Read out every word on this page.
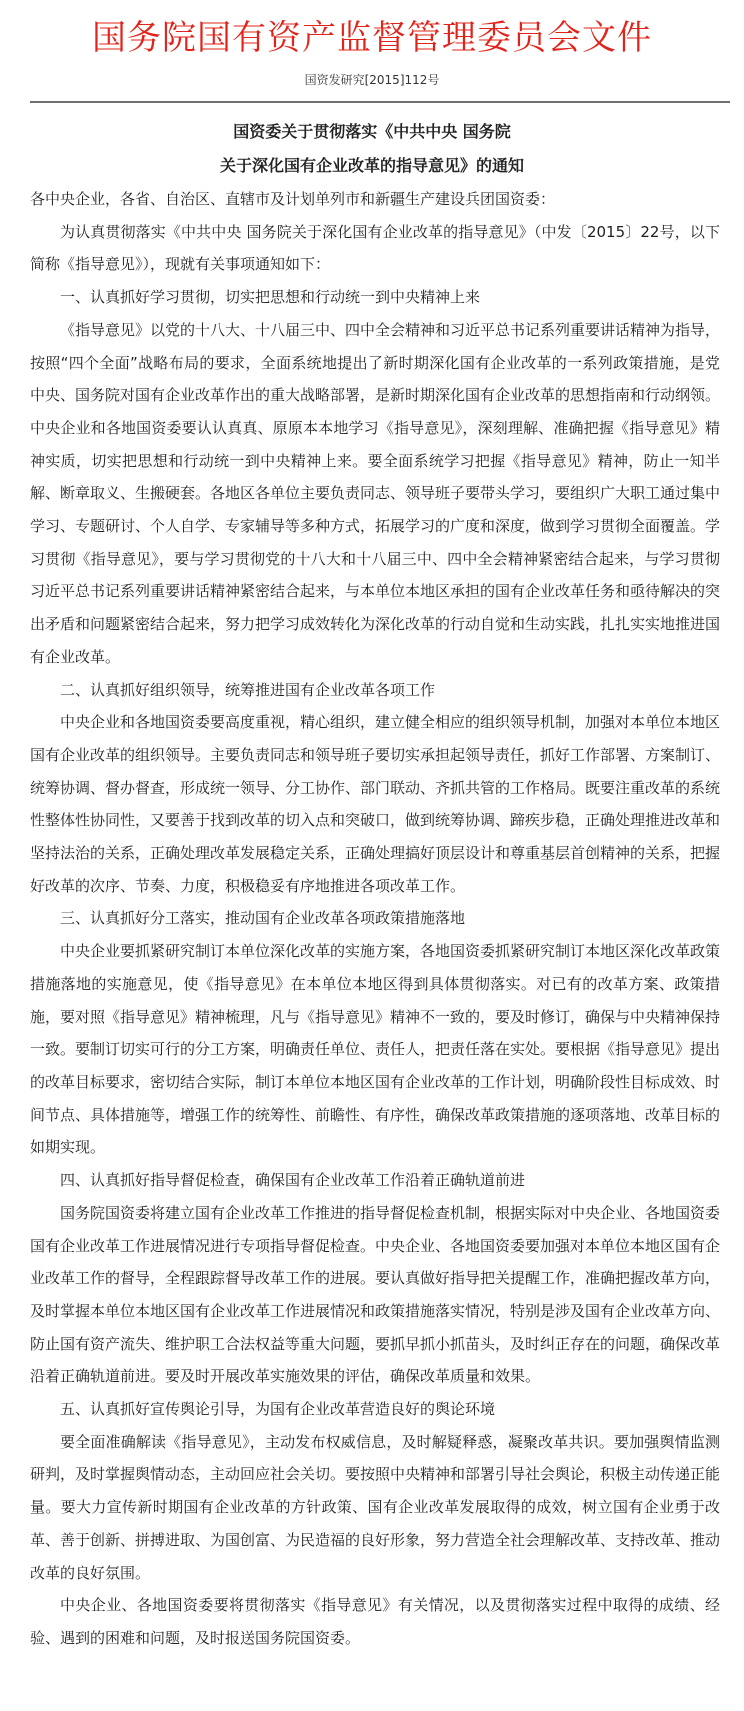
国务院国有资产监督管理委员会文件
国资发研究[2015]112号
国资委关于贯彻落实《中共中央 国务院
关于深化国有企业改革的指导意见》的通知

各中央企业，各省、自治区、直辖市及计划单列市和新疆生产建设兵团国资委：

为认真贯彻落实《中共中央 国务院关于深化国有企业改革的指导意见》（中发〔2015〕22号，以下简称《指导意见》），现就有关事项通知如下：

一、认真抓好学习贯彻，切实把思想和行动统一到中央精神上来

《指导意见》以党的十八大、十八届三中、四中全会精神和习近平总书记系列重要讲话精神为指导，按照“四个全面”战略布局的要求，全面系统地提出了新时期深化国有企业改革的一系列政策措施，是党中央、国务院对国有企业改革作出的重大战略部署，是新时期深化国有企业改革的思想指南和行动纲领。中央企业和各地国资委要认认真真、原原本本地学习《指导意见》，深刻理解、准确把握《指导意见》精神实质，切实把思想和行动统一到中央精神上来。要全面系统学习把握《指导意见》精神，防止一知半解、断章取义、生搬硬套。各地区各单位主要负责同志、领导班子要带头学习，要组织广大职工通过集中学习、专题研讨、个人自学、专家辅导等多种方式，拓展学习的广度和深度，做到学习贯彻全面覆盖。学习贯彻《指导意见》，要与学习贯彻党的十八大和十八届三中、四中全会精神紧密结合起来，与学习贯彻习近平总书记系列重要讲话精神紧密结合起来，与本单位本地区承担的国有企业改革任务和亟待解决的突出矛盾和问题紧密结合起来，努力把学习成效转化为深化改革的行动自觉和生动实践，扎扎实实地推进国有企业改革。

二、认真抓好组织领导，统筹推进国有企业改革各项工作

中央企业和各地国资委要高度重视，精心组织，建立健全相应的组织领导机制，加强对本单位本地区国有企业改革的组织领导。主要负责同志和领导班子要切实承担起领导责任，抓好工作部署、方案制订、统筹协调、督办督查，形成统一领导、分工协作、部门联动、齐抓共管的工作格局。既要注重改革的系统性整体性协同性，又要善于找到改革的切入点和突破口，做到统筹协调、蹄疾步稳，正确处理推进改革和坚持法治的关系，正确处理改革发展稳定关系，正确处理搞好顶层设计和尊重基层首创精神的关系，把握好改革的次序、节奏、力度，积极稳妥有序地推进各项改革工作。

三、认真抓好分工落实，推动国有企业改革各项政策措施落地

中央企业要抓紧研究制订本单位深化改革的实施方案，各地国资委抓紧研究制订本地区深化改革政策措施落地的实施意见，使《指导意见》在本单位本地区得到具体贯彻落实。对已有的改革方案、政策措施，要对照《指导意见》精神梳理，凡与《指导意见》精神不一致的，要及时修订，确保与中央精神保持一致。要制订切实可行的分工方案，明确责任单位、责任人，把责任落在实处。要根据《指导意见》提出的改革目标要求，密切结合实际，制订本单位本地区国有企业改革的工作计划，明确阶段性目标成效、时间节点、具体措施等，增强工作的统筹性、前瞻性、有序性，确保改革政策措施的逐项落地、改革目标的如期实现。

四、认真抓好指导督促检查，确保国有企业改革工作沿着正确轨道前进

国务院国资委将建立国有企业改革工作推进的指导督促检查机制，根据实际对中央企业、各地国资委国有企业改革工作进展情况进行专项指导督促检查。中央企业、各地国资委要加强对本单位本地区国有企业改革工作的督导，全程跟踪督导改革工作的进展。要认真做好指导把关提醒工作，准确把握改革方向，及时掌握本单位本地区国有企业改革工作进展情况和政策措施落实情况，特别是涉及国有企业改革方向、防止国有资产流失、维护职工合法权益等重大问题，要抓早抓小抓苗头，及时纠正存在的问题，确保改革沿着正确轨道前进。要及时开展改革实施效果的评估，确保改革质量和效果。

五、认真抓好宣传舆论引导，为国有企业改革营造良好的舆论环境

要全面准确解读《指导意见》，主动发布权威信息，及时解疑释惑，凝聚改革共识。要加强舆情监测研判，及时掌握舆情动态，主动回应社会关切。要按照中央精神和部署引导社会舆论，积极主动传递正能量。要大力宣传新时期国有企业改革的方针政策、国有企业改革发展取得的成效，树立国有企业勇于改革、善于创新、拼搏进取、为国创富、为民造福的良好形象，努力营造全社会理解改革、支持改革、推动改革的良好氛围。

中央企业、各地国资委要将贯彻落实《指导意见》有关情况，以及贯彻落实过程中取得的成绩、经验、遇到的困难和问题，及时报送国务院国资委。
